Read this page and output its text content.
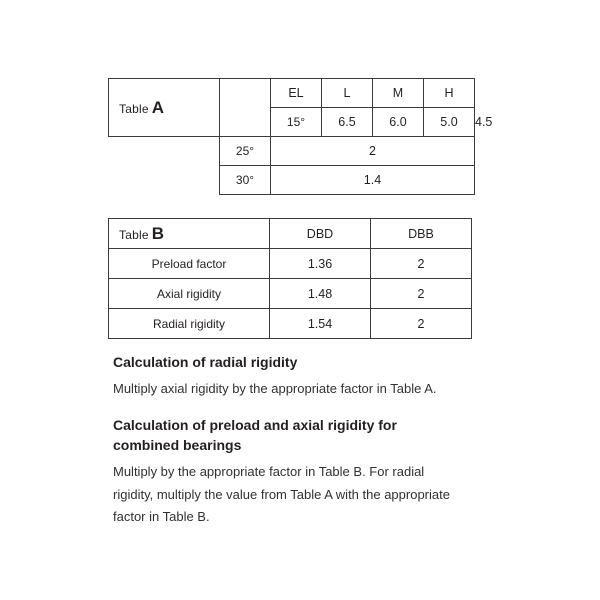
Table A		EL	L	M	H	
		15°	6.5	6.0	5.0	4.5
	25°	2				
	30°	1.4				
Table B	DBD	DBB
Preload factor	1.36	2
Axial rigidity	1.48	2
Radial rigidity	1.54	2
Calculation of radial rigidity

Multiply axial rigidity by the appropriate factor in Table A.

Calculation of preload and axial rigidity for combined bearings

Multiply by the appropriate factor in Table B. For radial rigidity, multiply the value from Table A with the appropriate factor in Table B.
